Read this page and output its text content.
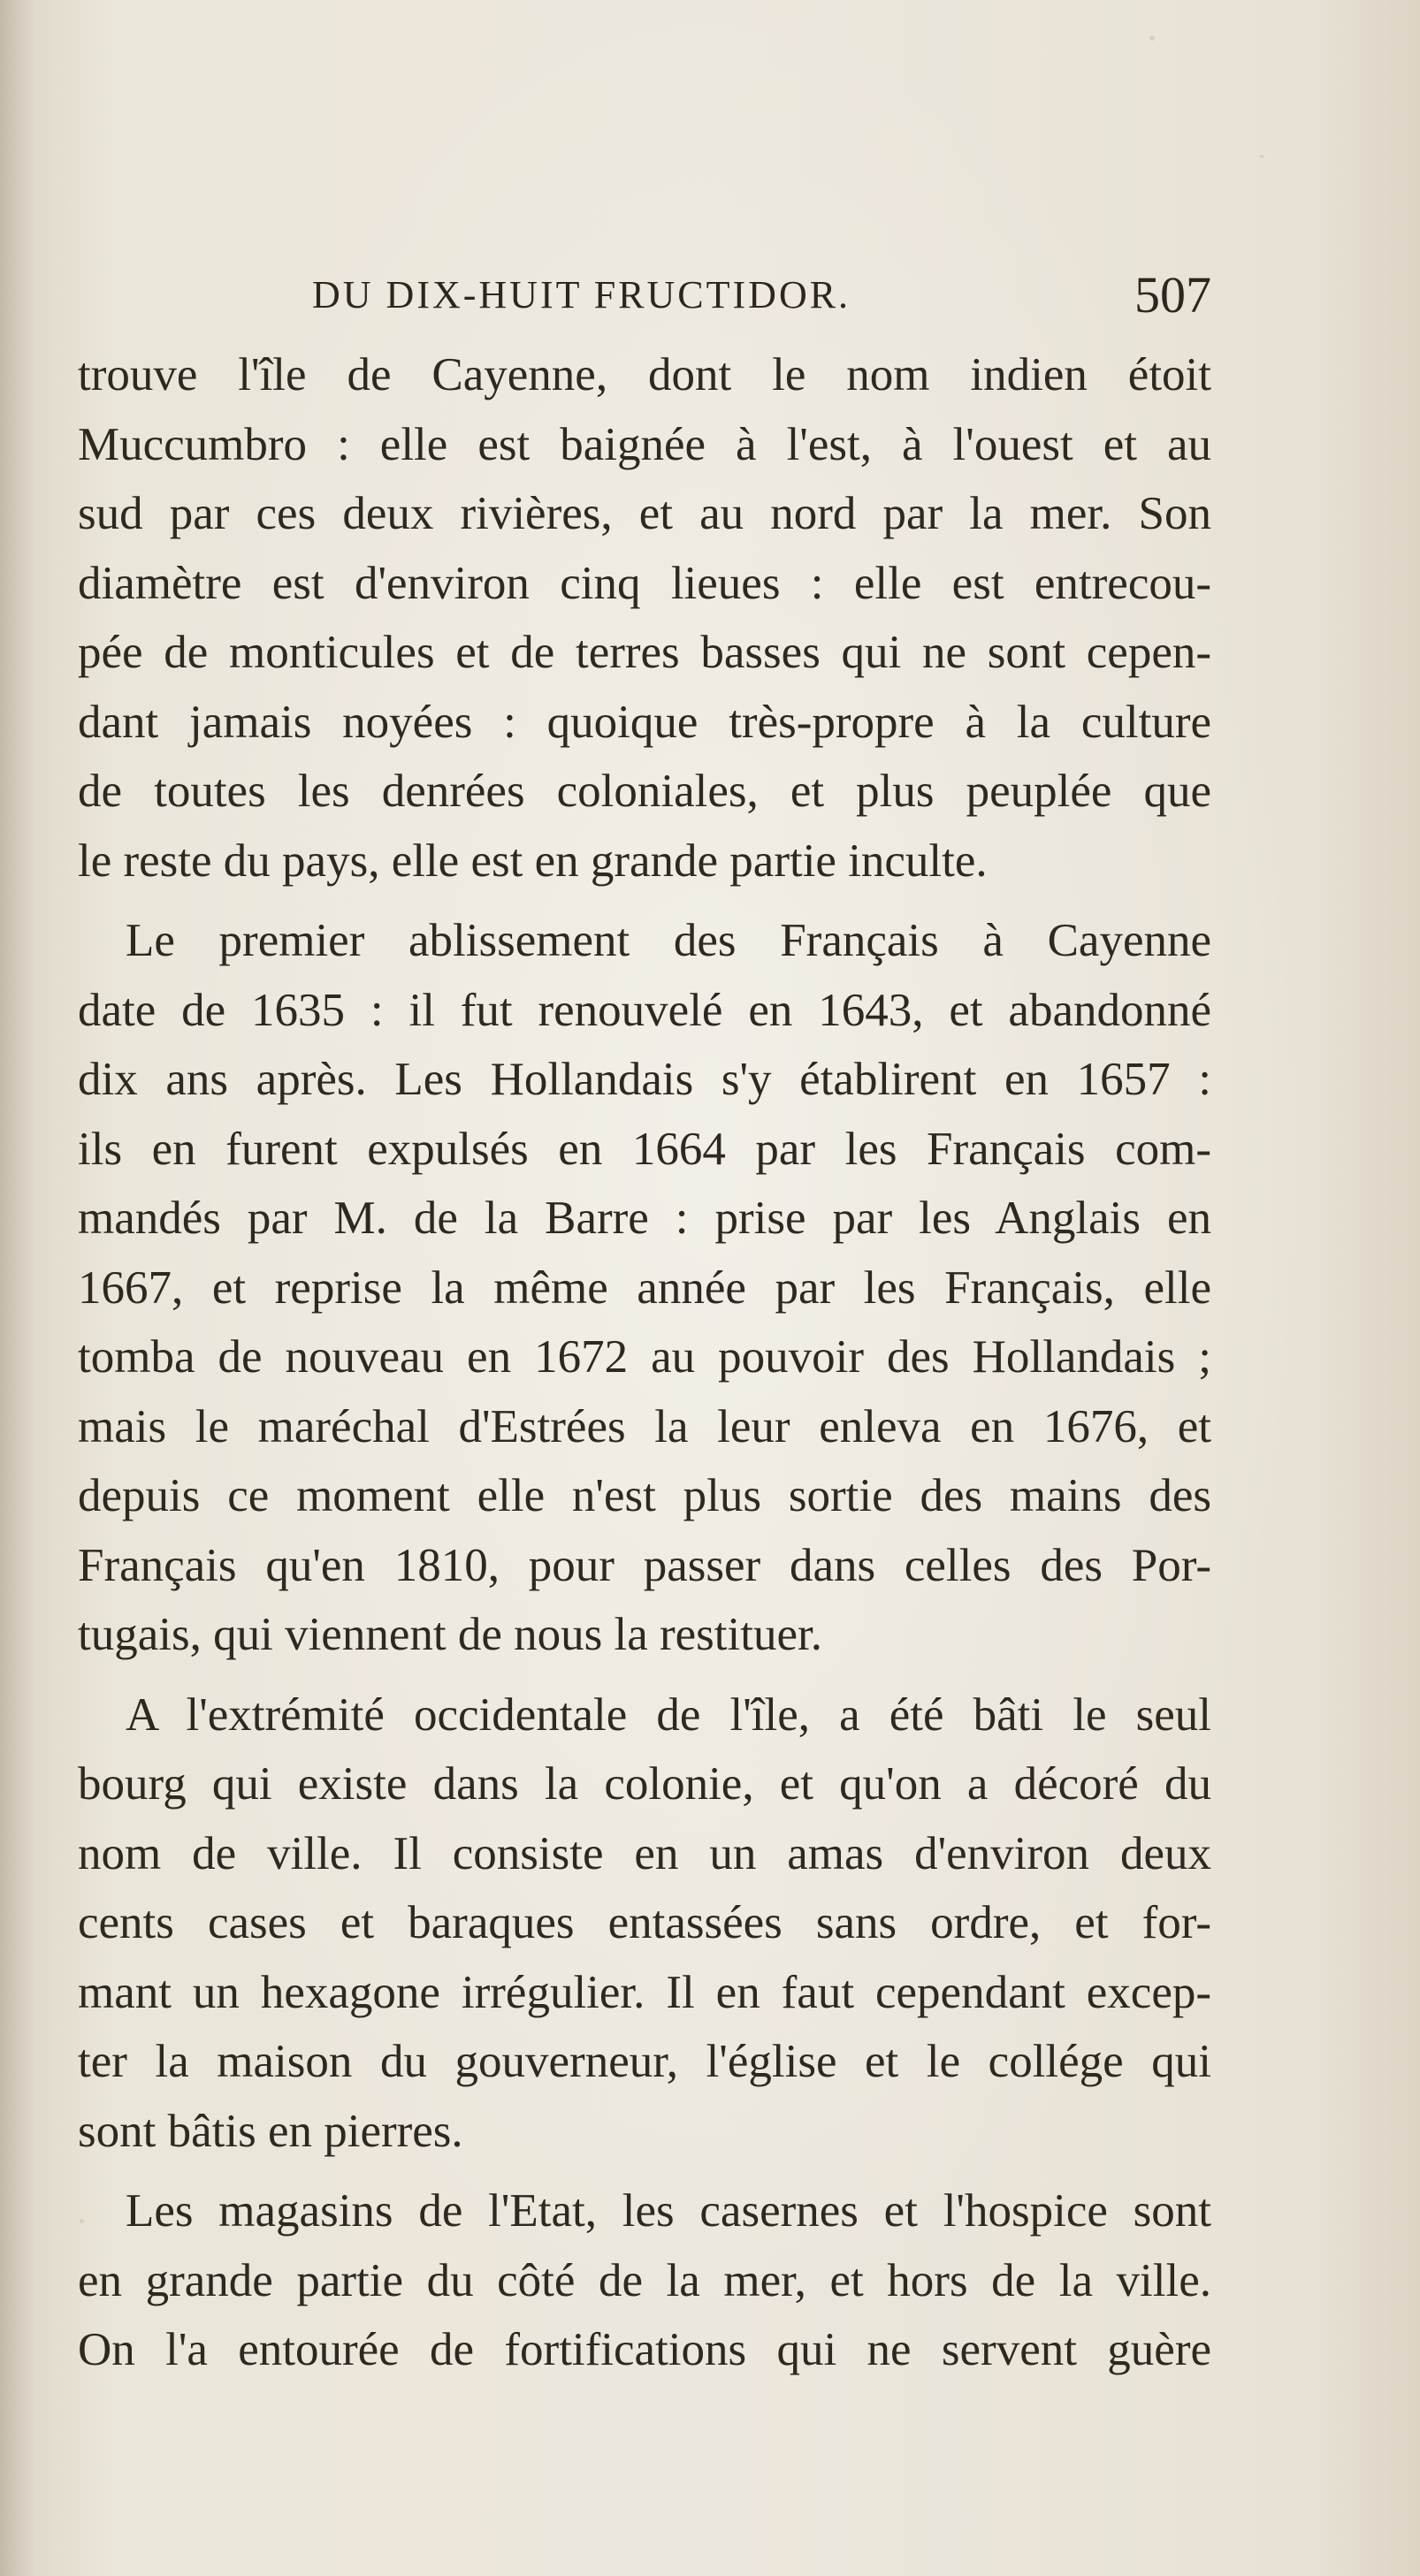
DU DIX-HUIT FRUCTIDOR.	507
trouve l'île de Cayenne, dont le nom indien étoit
Muccumbro : elle est baignée à l'est, à l'ouest et au
sud par ces deux rivières, et au nord par la mer. Son
diamètre est d'environ cinq lieues : elle est entrecou-
pée de monticules et de terres basses qui ne sont cepen-
dant jamais noyées : quoique très-propre à la culture
de toutes les denrées coloniales, et plus peuplée que
le reste du pays, elle est en grande partie inculte.
Le premier ablissement des Français à Cayenne
date de 1635 : il fut renouvelé en 1643, et abandonné
dix ans après. Les Hollandais s'y établirent en 1657 :
ils en furent expulsés en 1664 par les Français com-
mandés par M. de la Barre : prise par les Anglais en
1667, et reprise la même année par les Français, elle
tomba de nouveau en 1672 au pouvoir des Hollandais ;
mais le maréchal d'Estrées la leur enleva en 1676, et
depuis ce moment elle n'est plus sortie des mains des
Français qu'en 1810, pour passer dans celles des Por-
tugais, qui viennent de nous la restituer.
A l'extrémité occidentale de l'île, a été bâti le seul
bourg qui existe dans la colonie, et qu'on a décoré du
nom de ville. Il consiste en un amas d'environ deux
cents cases et baraques entassées sans ordre, et for-
mant un hexagone irrégulier. Il en faut cependant excep-
ter la maison du gouverneur, l'église et le collége qui
sont bâtis en pierres.
Les magasins de l'Etat, les casernes et l'hospice sont
en grande partie du côté de la mer, et hors de la ville.
On l'a entourée de fortifications qui ne servent guère
